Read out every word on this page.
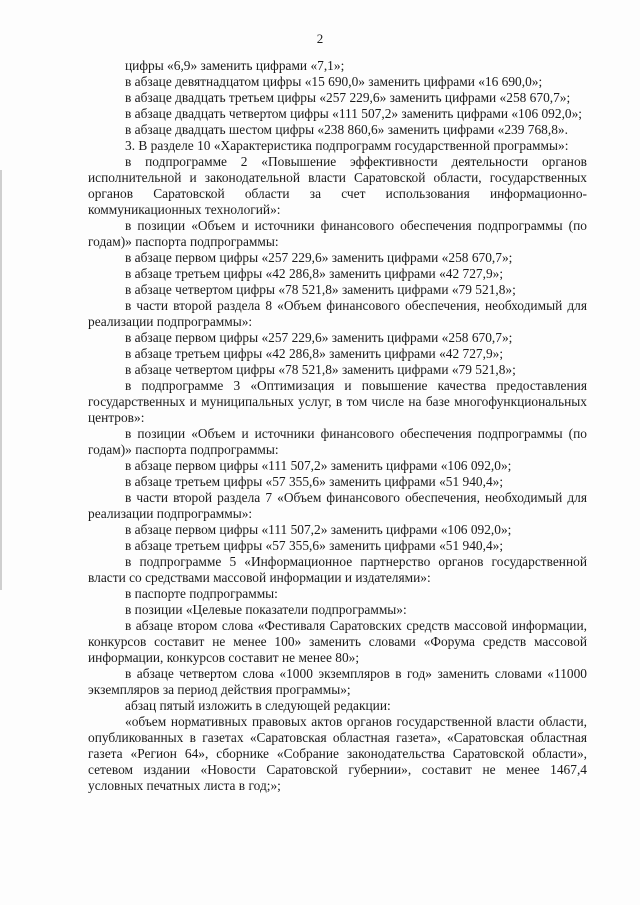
2

цифры «6,9» заменить цифрами «7,1»;

в абзаце девятнадцатом цифры «15 690,0» заменить цифрами «16 690,0»;

в абзаце двадцать третьем цифры «257 229,6» заменить цифрами «258 670,7»;

в абзаце двадцать четвертом цифры «111 507,2» заменить цифрами «106 092,0»;

в абзаце двадцать шестом цифры «238 860,6» заменить цифрами «239 768,8».

3. В разделе 10 «Характеристика подпрограмм государственной программы»:

в подпрограмме 2 «Повышение эффективности деятельности органов исполнительной и законодательной власти Саратовской области, государственных органов Саратовской области за счет использования информационно-коммуникационных технологий»:

в позиции «Объем и источники финансового обеспечения подпрограммы (по годам)» паспорта подпрограммы:

в абзаце первом цифры «257 229,6» заменить цифрами «258 670,7»;

в абзаце третьем цифры «42 286,8» заменить цифрами «42 727,9»;

в абзаце четвертом цифры «78 521,8» заменить цифрами «79 521,8»;

в части второй раздела 8 «Объем финансового обеспечения, необходимый для реализации подпрограммы»:

в абзаце первом цифры «257 229,6» заменить цифрами «258 670,7»;

в абзаце третьем цифры «42 286,8» заменить цифрами «42 727,9»;

в абзаце четвертом цифры «78 521,8» заменить цифрами «79 521,8»;

в подпрограмме 3 «Оптимизация и повышение качества предоставления государственных и муниципальных услуг, в том числе на базе многофункциональных центров»:

в позиции «Объем и источники финансового обеспечения подпрограммы (по годам)» паспорта подпрограммы:

в абзаце первом цифры «111 507,2» заменить цифрами «106 092,0»;

в абзаце третьем цифры «57 355,6» заменить цифрами «51 940,4»;

в части второй раздела 7 «Объем финансового обеспечения, необходимый для реализации подпрограммы»:

в абзаце первом цифры «111 507,2» заменить цифрами «106 092,0»;

в абзаце третьем цифры «57 355,6» заменить цифрами «51 940,4»;

в подпрограмме 5 «Информационное партнерство органов государственной власти со средствами массовой информации и издателями»:

в паспорте подпрограммы:

в позиции «Целевые показатели подпрограммы»:

в абзаце втором слова «Фестиваля Саратовских средств массовой информации, конкурсов составит не менее 100» заменить словами «Форума средств массовой информации, конкурсов составит не менее 80»;

в абзаце четвертом слова «1000 экземпляров в год» заменить словами «11000 экземпляров за период действия программы»;

абзац пятый изложить в следующей редакции:

«объем нормативных правовых актов органов государственной власти области, опубликованных в газетах «Саратовская областная газета», «Саратовская областная газета «Регион 64», сборнике «Собрание законодательства Саратовской области», сетевом издании «Новости Саратовской губернии», составит не менее 1467,4 условных печатных листа в год;»;
